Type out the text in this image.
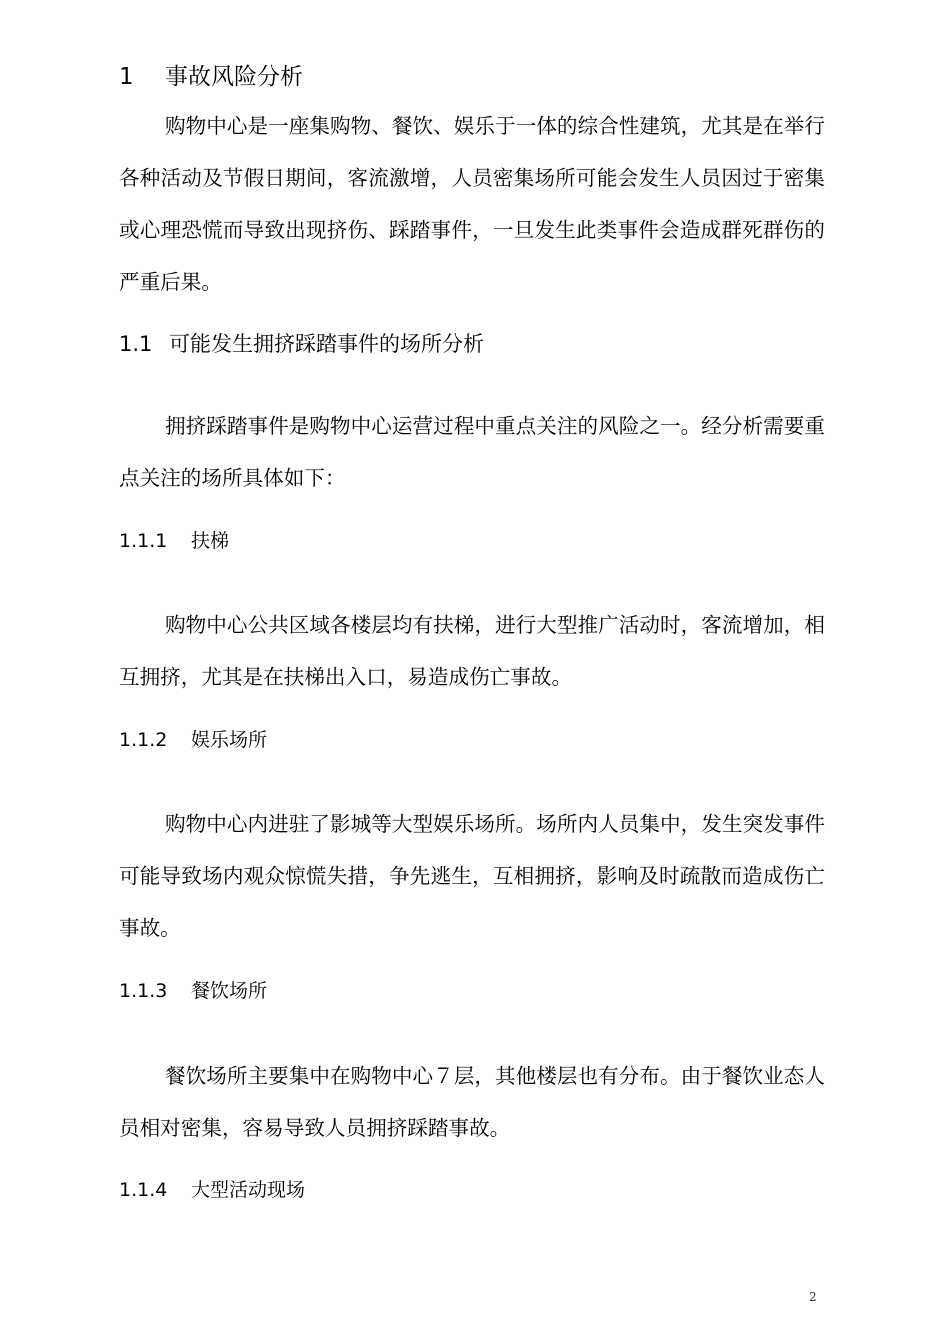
1 事故风险分析

购物中心是一座集购物、餐饮、娱乐于一体的综合性建筑，尤其是在举行各种活动及节假日期间，客流激增，人员密集场所可能会发生人员因过于密集或心理恐慌而导致出现挤伤、踩踏事件，一旦发生此类事件会造成群死群伤的严重后果。

1.1 可能发生拥挤踩踏事件的场所分析

拥挤踩踏事件是购物中心运营过程中重点关注的风险之一。经分析需要重点关注的场所具体如下：

1.1.1 扶梯

购物中心公共区域各楼层均有扶梯，进行大型推广活动时，客流增加，相互拥挤，尤其是在扶梯出入口，易造成伤亡事故。

1.1.2 娱乐场所

购物中心内进驻了影城等大型娱乐场所。场所内人员集中，发生突发事件可能导致场内观众惊慌失措，争先逃生，互相拥挤，影响及时疏散而造成伤亡事故。

1.1.3 餐饮场所

餐饮场所主要集中在购物中心７层，其他楼层也有分布。由于餐饮业态人员相对密集，容易导致人员拥挤踩踏事故。

1.1.4 大型活动现场
2
